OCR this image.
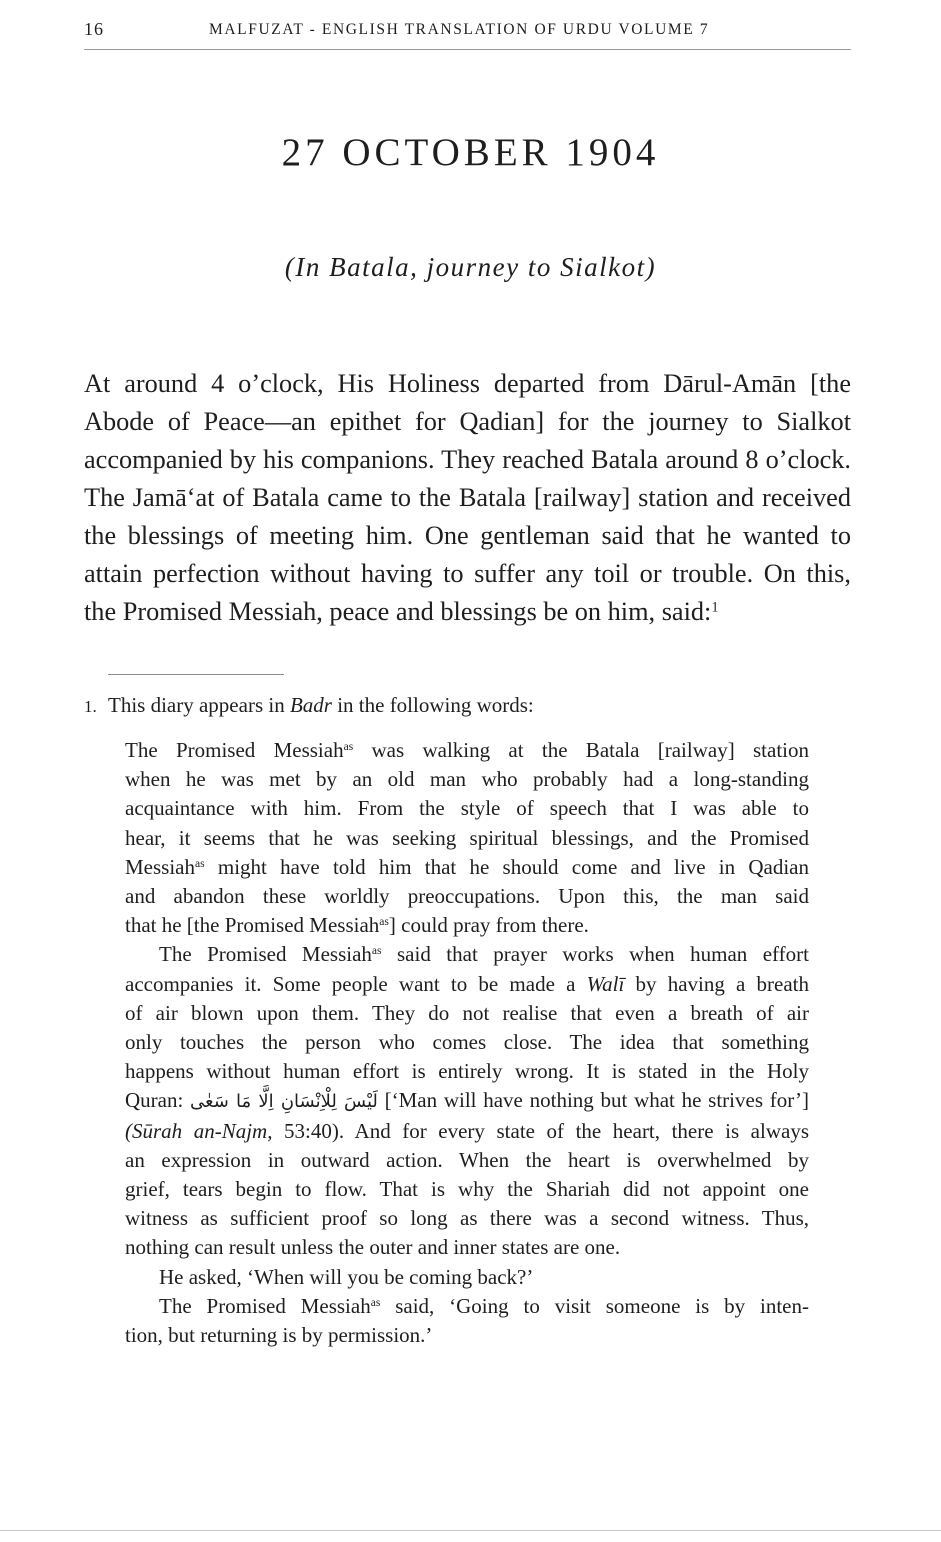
16	MALFUZAT - ENGLISH TRANSLATION OF URDU VOLUME 7
27 OCTOBER 1904
(In Batala, journey to Sialkot)

At around 4 o’clock, His Holiness departed from Dārul-Amān [the
Abode of Peace—an epithet for Qadian] for the journey to Sialkot
accompanied by his companions. They reached Batala around 8 o’clock.
The Jamā‘at of Batala came to the Batala [railway] station and received
the blessings of meeting him. One gentleman said that he wanted to
attain perfection without having to suffer any toil or trouble. On this,
the Promised Messiah, peace and blessings be on him, said:$^1$

1. This diary appears in Badr in the following words:
The Promised Messiah$^{as}$ was walking at the Batala [railway] station
when he was met by an old man who probably had a long-standing
acquaintance with him. From the style of speech that I was able to
hear, it seems that he was seeking spiritual blessings, and the Promised
Messiah$^{as}$ might have told him that he should come and live in Qadian
and abandon these worldly preoccupations. Upon this, the man said
that he [the Promised Messiah$^{as}$] could pray from there.
The Promised Messiah$^{as}$ said that prayer works when human effort
accompanies it. Some people want to be made a Walī by having a breath
of air blown upon them. They do not realise that even a breath of air
only touches the person who comes close. The idea that something
happens without human effort is entirely wrong. It is stated in the Holy
Quran: لَيْسَ لِلْاِنْسَانِ اِلَّا مَا سَعٰى [‘Man will have nothing but what he strives for’]
(Sūrah an-Najm, 53:40). And for every state of the heart, there is always
an expression in outward action. When the heart is overwhelmed by
grief, tears begin to flow. That is why the Shariah did not appoint one
witness as sufficient proof so long as there was a second witness. Thus,
nothing can result unless the outer and inner states are one.
He asked, ‘When will you be coming back?’
The Promised Messiah$^{as}$ said, ‘Going to visit someone is by inten-
tion, but returning is by permission.’
